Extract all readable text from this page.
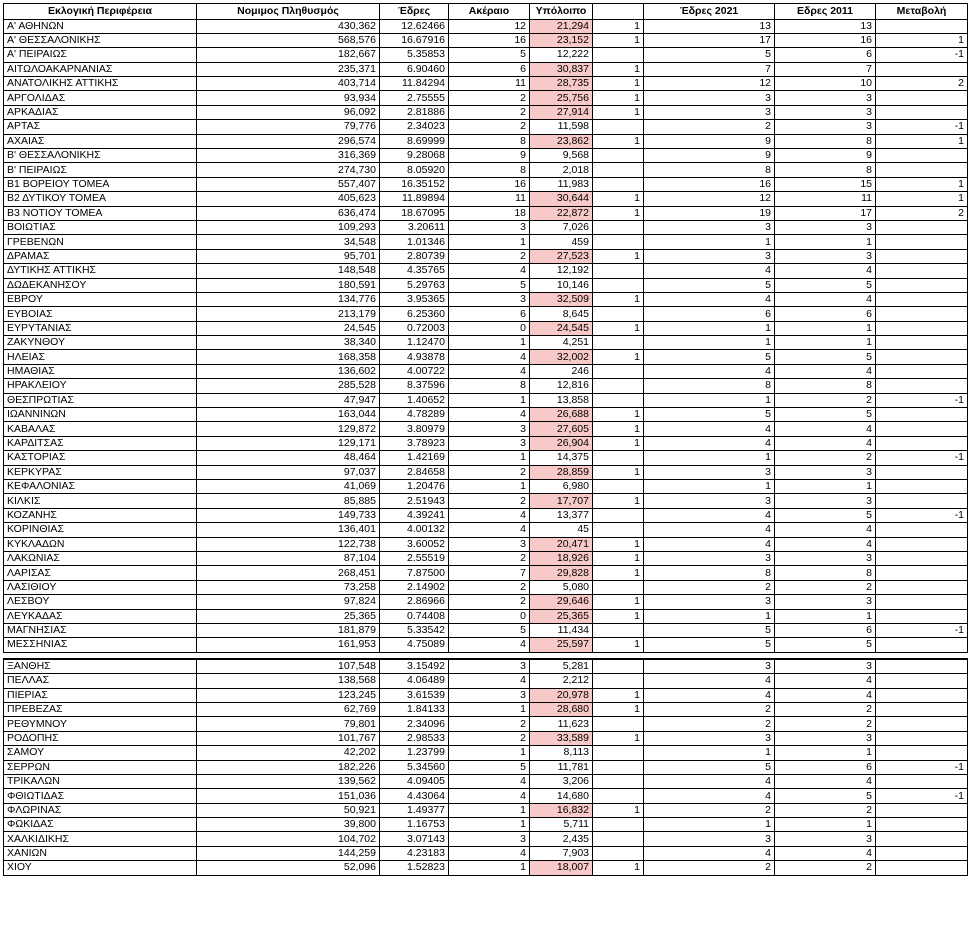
Εκλογική Περιφέρεια	Νομιμος Πληθυσμός	Έδρες	Ακέραιο	Υπόλοιπο		Έδρες 2021	Εδρες 2011	Μεταβολή
Α' ΑΘΗΝΩΝ	430,362	12.62466	12	21,294	1	13	13	
Α' ΘΕΣΣΑΛΟΝΙΚΗΣ	568,576	16.67916	16	23,152	1	17	16	1
Α' ΠΕΙΡΑΙΩΣ	182,667	5.35853	5	12,222		5	6	-1
ΑΙΤΩΛΟΑΚΑΡΝΑΝΙΑΣ	235,371	6.90460	6	30,837	1	7	7	
ΑΝΑΤΟΛΙΚΗΣ ΑΤΤΙΚΗΣ	403,714	11.84294	11	28,735	1	12	10	2
ΑΡΓΟΛΙΔΑΣ	93,934	2.75555	2	25,756	1	3	3	
ΑΡΚΑΔΙΑΣ	96,092	2.81886	2	27,914	1	3	3	
ΑΡΤΑΣ	79,776	2.34023	2	11,598		2	3	-1
ΑΧΑΙΑΣ	296,574	8.69999	8	23,862	1	9	8	1
Β' ΘΕΣΣΑΛΟΝΙΚΗΣ	316,369	9.28068	9	9,568		9	9	
Β' ΠΕΙΡΑΙΩΣ	274,730	8.05920	8	2,018		8	8	
Β1 ΒΟΡΕΙΟΥ ΤΟΜΕΑ	557,407	16.35152	16	11,983		16	15	1
Β2 ΔΥΤΙΚΟΥ ΤΟΜΕΑ	405,623	11.89894	11	30,644	1	12	11	1
Β3 ΝΟΤΙΟΥ ΤΟΜΕΑ	636,474	18.67095	18	22,872	1	19	17	2
ΒΟΙΩΤΙΑΣ	109,293	3.20611	3	7,026		3	3	
ΓΡΕΒΕΝΩΝ	34,548	1.01346	1	459		1	1	
ΔΡΑΜΑΣ	95,701	2.80739	2	27,523	1	3	3	
ΔΥΤΙΚΗΣ ΑΤΤΙΚΗΣ	148,548	4.35765	4	12,192		4	4	
ΔΩΔΕΚΑΝΗΣΟΥ	180,591	5.29763	5	10,146		5	5	
ΕΒΡΟΥ	134,776	3.95365	3	32,509	1	4	4	
ΕΥΒΟΙΑΣ	213,179	6.25360	6	8,645		6	6	
ΕΥΡΥΤΑΝΙΑΣ	24,545	0.72003	0	24,545	1	1	1	
ΖΑΚΥΝΘΟΥ	38,340	1.12470	1	4,251		1	1	
ΗΛΕΙΑΣ	168,358	4.93878	4	32,002	1	5	5	
ΗΜΑΘΙΑΣ	136,602	4.00722	4	246		4	4	
ΗΡΑΚΛΕΙΟΥ	285,528	8.37596	8	12,816		8	8	
ΘΕΣΠΡΩΤΙΑΣ	47,947	1.40652	1	13,858		1	2	-1
ΙΩΑΝΝΙΝΩΝ	163,044	4.78289	4	26,688	1	5	5	
ΚΑΒΑΛΑΣ	129,872	3.80979	3	27,605	1	4	4	
ΚΑΡΔΙΤΣΑΣ	129,171	3.78923	3	26,904	1	4	4	
ΚΑΣΤΟΡΙΑΣ	48,464	1.42169	1	14,375		1	2	-1
ΚΕΡΚΥΡΑΣ	97,037	2.84658	2	28,859	1	3	3	
ΚΕΦΑΛΟΝΙΑΣ	41,069	1.20476	1	6,980		1	1	
ΚΙΛΚΙΣ	85,885	2.51943	2	17,707	1	3	3	
ΚΟΖΑΝΗΣ	149,733	4.39241	4	13,377		4	5	-1
ΚΟΡΙΝΘΙΑΣ	136,401	4.00132	4	45		4	4	
ΚΥΚΛΑΔΩΝ	122,738	3.60052	3	20,471	1	4	4	
ΛΑΚΩΝΙΑΣ	87,104	2.55519	2	18,926	1	3	3	
ΛΑΡΙΣΑΣ	268,451	7.87500	7	29,828	1	8	8	
ΛΑΣΙΘΙΟΥ	73,258	2.14902	2	5,080		2	2	
ΛΕΣΒΟΥ	97,824	2.86966	2	29,646	1	3	3	
ΛΕΥΚΑΔΑΣ	25,365	0.74408	0	25,365	1	1	1	
ΜΑΓΝΗΣΙΑΣ	181,879	5.33542	5	11,434		5	6	-1
ΜΕΣΣΗΝΙΑΣ	161,953	4.75089	4	25,597	1	5	5	

ΞΑΝΘΗΣ	107,548	3.15492	3	5,281		3	3	
ΠΕΛΛΑΣ	138,568	4.06489	4	2,212		4	4	
ΠΙΕΡΙΑΣ	123,245	3.61539	3	20,978	1	4	4	
ΠΡΕΒΕΖΑΣ	62,769	1.84133	1	28,680	1	2	2	
ΡΕΘΥΜΝΟΥ	79,801	2.34096	2	11,623		2	2	
ΡΟΔΟΠΗΣ	101,767	2.98533	2	33,589	1	3	3	
ΣΑΜΟΥ	42,202	1.23799	1	8,113		1	1	
ΣΕΡΡΩΝ	182,226	5.34560	5	11,781		5	6	-1
ΤΡΙΚΑΛΩΝ	139,562	4.09405	4	3,206		4	4	
ΦΘΙΩΤΙΔΑΣ	151,036	4.43064	4	14,680		4	5	-1
ΦΛΩΡΙΝΑΣ	50,921	1.49377	1	16,832	1	2	2	
ΦΩΚΙΔΑΣ	39,800	1.16753	1	5,711		1	1	
ΧΑΛΚΙΔΙΚΗΣ	104,702	3.07143	3	2,435		3	3	
ΧΑΝΙΩΝ	144,259	4.23183	4	7,903		4	4	
ΧΙΟΥ	52,096	1.52823	1	18,007	1	2	2	
